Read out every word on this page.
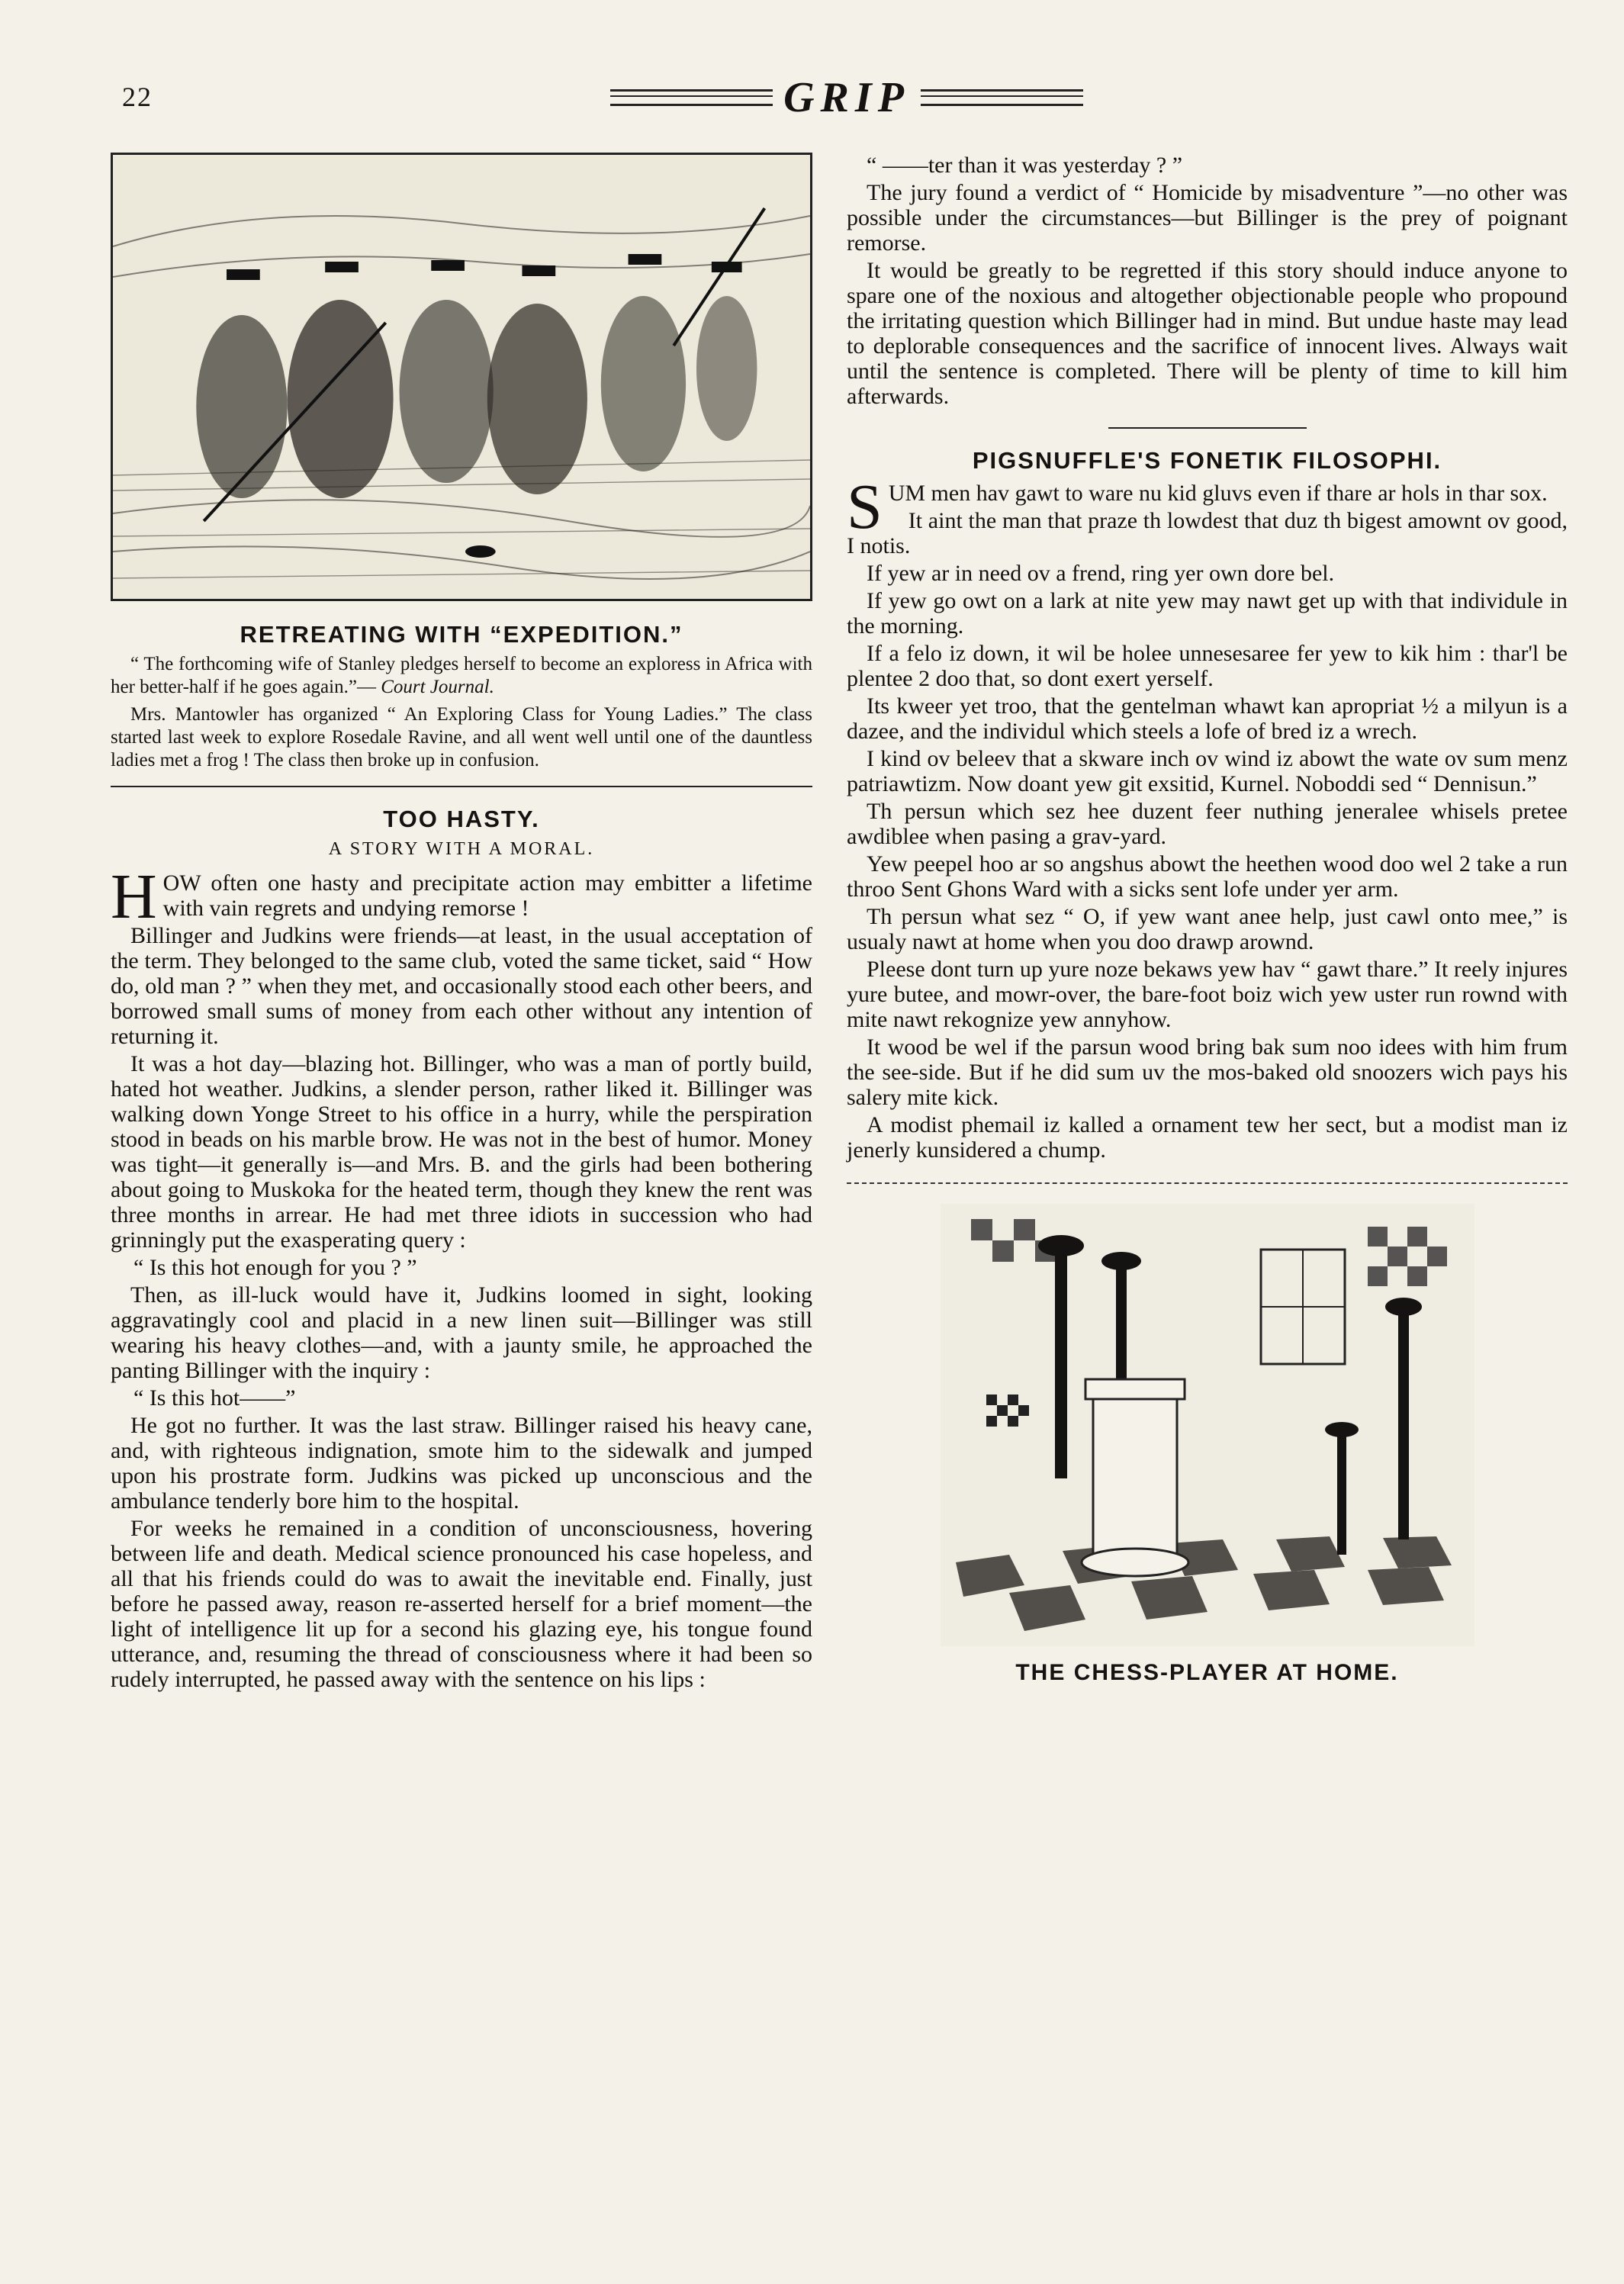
22	GRIP
RETREATING WITH “EXPEDITION.”

“ The forthcoming wife of Stanley pledges herself to become an exploress in Africa with her better-half if he goes again.”— Court Journal.

Mrs. Mantowler has organized “ An Exploring Class for Young Ladies.” The class started last week to explore Rosedale Ravine, and all went well until one of the dauntless ladies met a frog ! The class then broke up in confusion.

TOO HASTY.
A STORY WITH A MORAL.

HOW often one hasty and precipitate action may embitter a lifetime with vain regrets and undying remorse !

Billinger and Judkins were friends—at least, in the usual acceptation of the term. They belonged to the same club, voted the same ticket, said “ How do, old man ? ” when they met, and occasionally stood each other beers, and borrowed small sums of money from each other without any intention of returning it.

It was a hot day—blazing hot. Billinger, who was a man of portly build, hated hot weather. Judkins, a slender person, rather liked it. Billinger was walking down Yonge Street to his office in a hurry, while the perspiration stood in beads on his marble brow. He was not in the best of humor. Money was tight—it generally is—and Mrs. B. and the girls had been bothering about going to Muskoka for the heated term, though they knew the rent was three months in arrear. He had met three idiots in succession who had grinningly put the exasperating query :

“ Is this hot enough for you ? ”

Then, as ill-luck would have it, Judkins loomed in sight, looking aggravatingly cool and placid in a new linen suit—Billinger was still wearing his heavy clothes—and, with a jaunty smile, he approached the panting Billinger with the inquiry :

“ Is this hot——”

He got no further. It was the last straw. Billinger raised his heavy cane, and, with righteous indignation, smote him to the sidewalk and jumped upon his prostrate form. Judkins was picked up unconscious and the ambulance tenderly bore him to the hospital.

For weeks he remained in a condition of unconsciousness, hovering between life and death. Medical science pronounced his case hopeless, and all that his friends could do was to await the inevitable end. Finally, just before he passed away, reason re-asserted herself for a brief moment—the light of intelligence lit up for a second his glazing eye, his tongue found utterance, and, resuming the thread of consciousness where it had been so rudely interrupted, he passed away with the sentence on his lips :

“ ——ter than it was yesterday ? ”

The jury found a verdict of “ Homicide by misadventure ”—no other was possible under the circumstances—but Billinger is the prey of poignant remorse.

It would be greatly to be regretted if this story should induce anyone to spare one of the noxious and altogether objectionable people who propound the irritating question which Billinger had in mind. But undue haste may lead to deplorable consequences and the sacrifice of innocent lives. Always wait until the sentence is completed. There will be plenty of time to kill him afterwards.

PIGSNUFFLE'S FONETIK FILOSOPHI.

SUM men hav gawt to ware nu kid gluvs even if thare ar hols in thar sox.

It aint the man that praze th lowdest that duz th bigest amownt ov good, I notis.

If yew ar in need ov a frend, ring yer own dore bel.

If yew go owt on a lark at nite yew may nawt get up with that individule in the morning.

If a felo iz down, it wil be holee unnesesaree fer yew to kik him : thar'l be plentee 2 doo that, so dont exert yerself.

Its kweer yet troo, that the gentelman whawt kan apropriat ½ a milyun is a dazee, and the individul which steels a lofe of bred iz a wrech.

I kind ov beleev that a skware inch ov wind iz abowt the wate ov sum menz patriawtizm. Now doant yew git exsitid, Kurnel. Noboddi sed “ Dennisun.”

Th persun which sez hee duzent feer nuthing jeneralee whisels pretee awdiblee when pasing a grav-yard.

Yew peepel hoo ar so angshus abowt the heethen wood doo wel 2 take a run throo Sent Ghons Ward with a sicks sent lofe under yer arm.

Th persun what sez “ O, if yew want anee help, just cawl onto mee,” is usualy nawt at home when you doo drawp arownd.

Pleese dont turn up yure noze bekaws yew hav “ gawt thare.” It reely injures yure butee, and mowr-over, the bare-foot boiz wich yew uster run rownd with mite nawt rekognize yew annyhow.

It wood be wel if the parsun wood bring bak sum noo idees with him frum the see-side. But if he did sum uv the mos-baked old snoozers wich pays his salery mite kick.

A modist phemail iz kalled a ornament tew her sect, but a modist man iz jenerly kunsidered a chump.

THE CHESS-PLAYER AT HOME.
